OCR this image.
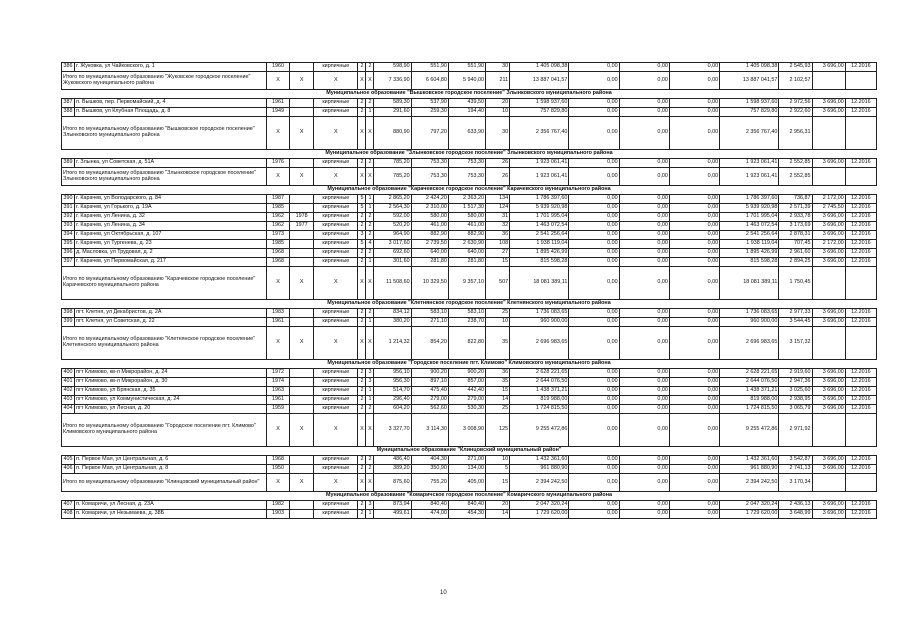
386	г. Жуковка, ул Чайковского, д. 1	1960		кирпичные	2	2	598,90	551,90	551,90	30	1 405 098,38	0,00	0,00	0,00	1 405 098,38	2 545,93	3 696,00	12.2016
Итого по муниципальному образованию "Жуковское городское поселение" Жуковского муниципального района		X	X	X	X	X	7 336,90	6 604,80	5 940,00	211	13 887 041,57	0,00	0,00	0,00	13 887 041,57	2 102,57		
Муниципальное образование "Вышковское городское поселение" Злынковского муниципального района																		
387	п. Вышков, пер. Первомайский, д. 4	1961		кирпичные	2	2	589,30	537,90	439,50	20	1 598 937,60	0,00	0,00	0,00	1 598 937,60	2 972,56	3 696,00	12.2016
388	п. Вышков, ул Клубная Площадь, д. 8	1949		кирпичные	2	1	291,60	259,30	194,40	10	757 829,80	0,00	0,00	0,00	757 829,80	2 922,60	3 696,00	12.2016
Итого по муниципальному образованию "Вышковское городское поселение" Злынковского муниципального района		X	X	X	X	X	880,90	797,20	633,90	30	2 356 767,40	0,00	0,00	0,00	2 356 767,40	2 956,31		
Муниципальное образование "Злынковское городское поселение" Злынковского муниципального района																		
389	г. Злынка, ул Советская, д. 51А	1976		кирпичные	2	2	785,20	753,30	753,30	26	1 923 061,41	0,00	0,00	0,00	1 923 061,41	2 552,85	3 696,00	12.2016
Итого по муниципальному образованию "Злынковское городское поселение" Злынковского муниципального района		X	X	X	X	X	785,20	753,30	753,30	26	1 923 061,41	0,00	0,00	0,00	1 923 061,41	2 552,85		
Муниципальное образование "Карачевское городское поселение" Карачевского муниципального района																		
390	г. Карачев, ул Володарского, д. 84	1987		кирпичные	5	1	2 865,20	2 424,20	2 363,20	134	1 786 397,60	0,00	0,00	0,00	1 786 397,60	736,87	2 172,00	12.2016
391	г. Карачев, ул Горького, д. 19А	1985		кирпичные	5	1	2 564,30	2 310,00	1 517,30	124	5 939 920,98	0,00	0,00	0,00	5 939 920,98	2 571,39	2 745,50	12.2016
392	г. Карачев, ул Ленина, д. 32	1962	1978	кирпичные	2	2	592,00	580,00	580,00	31	1 701 995,04	0,00	0,00	0,00	1 701 995,04	2 933,78	3 696,00	12.2016
393	г. Карачев, ул Ленина, д. 34	1962	1977	кирпичные	2	2	520,20	461,00	461,00	32	1 463 072,54	0,00	0,00	0,00	1 463 072,54	3 173,69	3 696,00	12.2016
394	г. Карачев, ул Октябрьская, д. 107	1973		кирпичные	3	2	964,90	882,90	882,90	36	2 541 256,64	0,00	0,00	0,00	2 541 256,64	2 878,31	3 696,00	12.2016
395	г. Карачев, ул Тургенева, д. 23	1985		кирпичные	5	4	3 017,60	2 739,50	2 630,90	108	1 938 119,04	0,00	0,00	0,00	1 938 119,04	707,45	2 172,00	12.2016
396	д. Масловка, ул Трудовая, д. 2	1968		кирпичные	2	2	692,60	640,00	640,00	27	1 895 426,99	0,00	0,00	0,00	1 895 426,99	2 961,60	3 696,00	12.2016
397	г. Карачев, ул Первомайская, д. 217	1968		кирпичные	2	1	301,60	281,80	281,80	15	815 598,28	0,00	0,00	0,00	815 598,28	2 894,25	3 696,00	12.2016
Итого по муниципальному образованию "Карачевское городское поселение" Карачевского муниципального района		X	X	X	X	X	11 508,60	10 329,50	9 357,10	507	18 081 389,11	0,00	0,00	0,00	18 081 389,11	1 750,45		
Муниципальное образование "Клетнянское городское поселение" Клетнянского муниципального района																		
398	пгт. Клетня, ул Декабристов, д. 2А	1983		кирпичные	2	2	834,12	583,10	583,10	25	1 736 083,65	0,00	0,00	0,00	1 736 083,65	2 977,33	3 696,00	12.2016
399	пгт. Клетня, ул Советская, д. 22	1961		кирпичные	2	1	380,20	271,10	238,70	10	960 900,00	0,00	0,00	0,00	960 900,00	3 544,45	3 696,00	12.2016
Итого по муниципальному образованию "Клетнянское городское поселение" Клетнянского муниципального района		X	X	X	X	X	1 214,32	854,20	822,80	35	2 696 983,65	0,00	0,00	0,00	2 696 983,65	3 157,32		
Муниципальное образование "Городское поселение пгт. Климово" Климовского муниципального района																		
400	пгт Климово, кв-л Микрорайон, д. 24	1972		кирпичные	2	3	956,10	900,20	900,20	36	2 628 221,65	0,00	0,00	0,00	2 628 221,65	2 919,60	3 696,00	12.2016
401	пгт Климово, кв-л Микрорайон, д. 30	1974		кирпичные	2	3	956,30	897,10	857,00	35	2 644 076,50	0,00	0,00	0,00	2 644 076,50	2 947,36	3 696,00	12.2016
402	пгт Климово, ул Брянская, д. 35	1963		кирпичные	2	1	514,70	475,40	442,40	15	1 438 371,21	0,00	0,00	0,00	1 438 371,21	3 025,60	3 696,00	12.2016
403	пгт Климово, ул Коммунистическая, д. 24	1961		кирпичные	2	1	296,40	279,00	279,00	14	819 988,00	0,00	0,00	0,00	819 988,00	2 938,95	3 696,00	12.2016
404	пгт Климово, ул Лесная, д. 20	1959		кирпичные	2	2	604,20	562,60	530,30	25	1 724 815,50	0,00	0,00	0,00	1 724 815,50	3 065,79	3 696,00	12.2016
Итого по муниципальному образованию "Городское поселение пгт. Климово" Климовского муниципального района		X	X	X	X	X	3 327,70	3 114,30	3 008,90	125	9 255 472,86	0,00	0,00	0,00	9 255 472,86	2 971,92		
Муниципальное образование "Клинцовский муниципальный район"																		
405	п. Первое Мая, ул Центральная, д. 6	1968		кирпичные	2	2	486,40	404,30	271,00	10	1 432 361,60	0,00	0,00	0,00	1 432 361,60	3 542,87	3 696,00	12.2016
406	п. Первое Мая, ул Центральная, д. 8	1950		кирпичные	2	2	389,20	350,90	134,00	5	961 880,90	0,00	0,00	0,00	961 880,90	2 741,13	3 696,00	12.2016
Итого по муниципальному образованию "Клинцовский муниципальный район"		X	X	X	X	X	875,60	755,20	405,00	15	2 394 242,50	0,00	0,00	0,00	2 394 242,50	3 170,34		
Муниципальное образование "Комаричское городское поселение" Комаричского муниципального района																		
407	п. Комаричи, ул Лесная, д. 23А	1982		кирпичные	2	3	873,94	840,40	840,40	20	2 047 320,24	0,00	0,00	0,00	2 047 320,24	2 436,13	3 696,00	12.2016
408	п. Комаричи, ул Незымаева, д. 38Б	1903		кирпичные	2	1	499,61	474,00	454,30	14	1 729 620,00	0,00	0,00	0,00	1 729 620,00	3 648,99	3 696,00	12.2016
10
